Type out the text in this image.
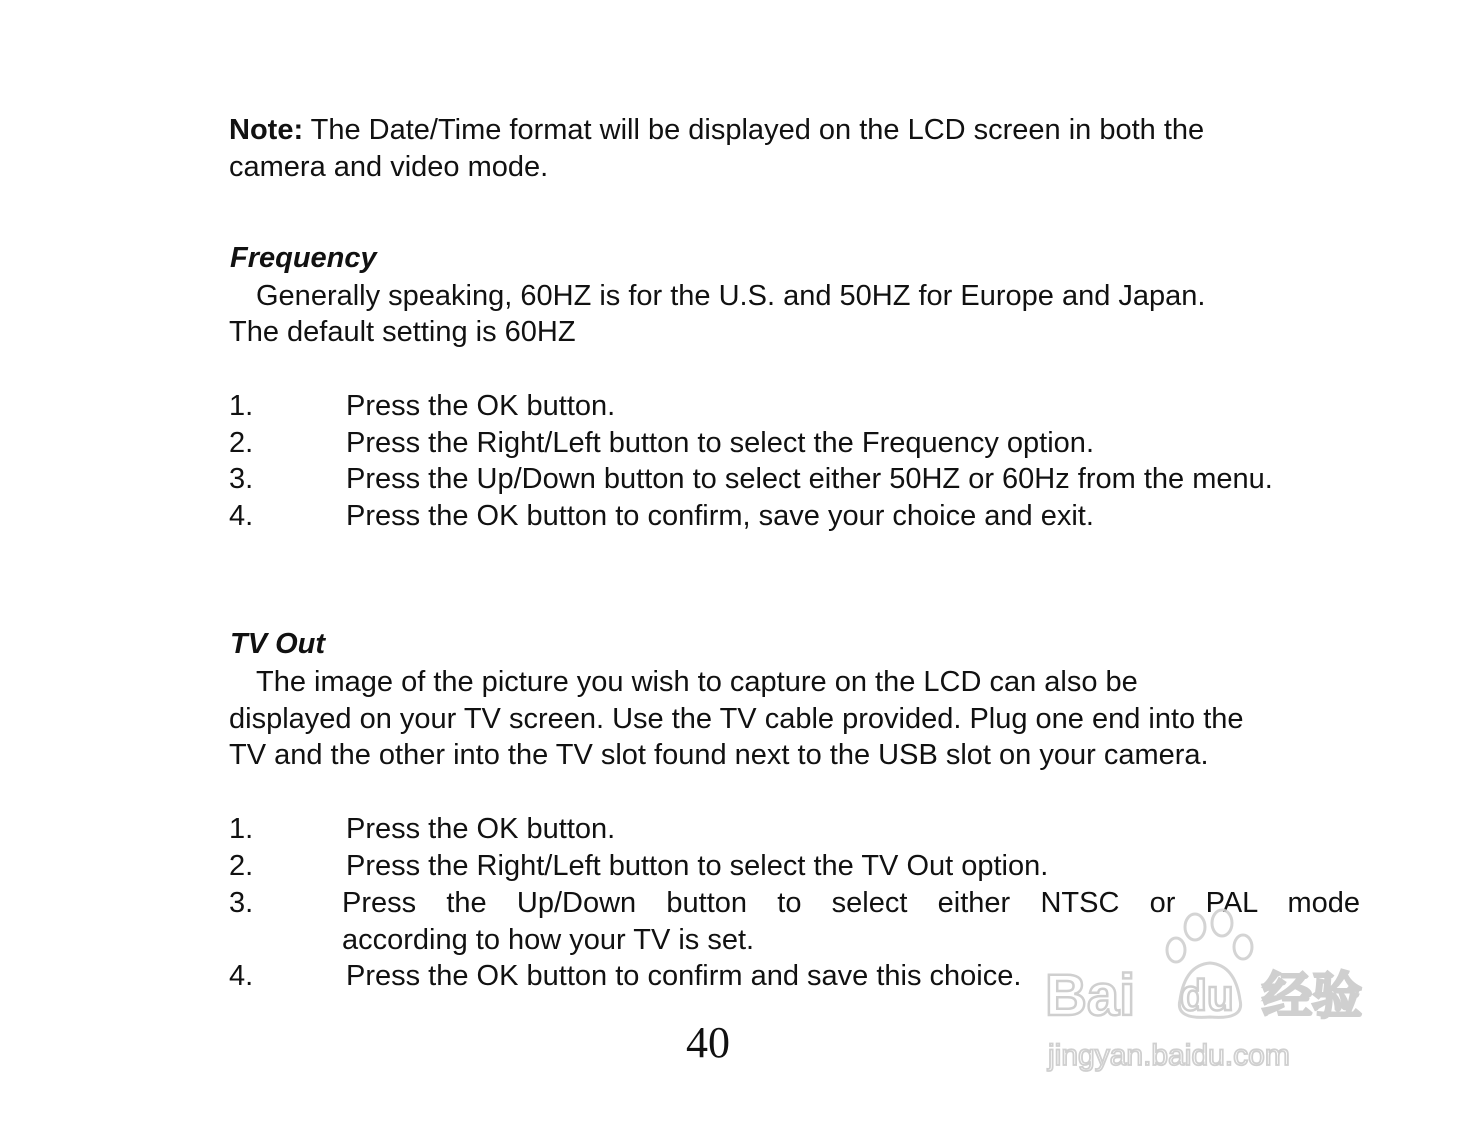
Note: The Date/Time format will be displayed on the LCD screen in both the
camera and video mode.
Frequency
Generally speaking, 60HZ is for the U.S. and 50HZ for Europe and Japan.
The default setting is 60HZ
1.	Press the OK button.
2.	Press the Right/Left button to select the Frequency option.
3.	Press the Up/Down button to select either 50HZ or 60Hz from the menu.
4.	Press the OK button to confirm, save your choice and exit.
TV Out
The image of the picture you wish to capture on the LCD can also be
displayed on your TV screen. Use the TV cable provided. Plug one end into the
TV and the other into the TV slot found next to the USB slot on your camera.
1.	Press the OK button.
2.	Press the Right/Left button to select the TV Out option.
3.	Press the Up/Down button to select either NTSC or PAL mode
according to how your TV is set.
4.	Press the OK button to confirm and save this choice.
40
Bai du 经验
jingyan.baidu.com
